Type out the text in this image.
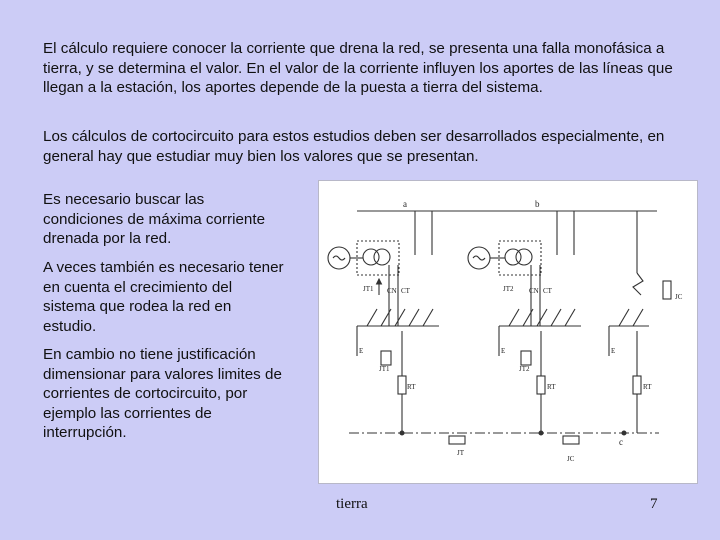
El cálculo requiere conocer la corriente que drena la red, se presenta una falla monofásica a tierra, y se determina el valor. En el valor de la corriente influyen los aportes de las líneas que llegan a la estación, los aportes depende de la puesta a tierra del sistema.

Los cálculos de cortocircuito para estos estudios deben ser desarrollados especialmente, en general hay que estudiar muy bien los valores que se presentan.

Es necesario buscar las condiciones de máxima corriente drenada por la red.

A veces también es necesario tener en cuenta el crecimiento del sistema que rodea la red en estudio.

En cambio no tiene justificación dimensionar para valores limites de corrientes de cortocircuito, por ejemplo las corrientes de interrupción.

a	b
JT1 CN CT
E
JT1
RT
JT2 CN CT
E
JT2
RT
E
RT
JC
c
JT
JC
tierra	7
